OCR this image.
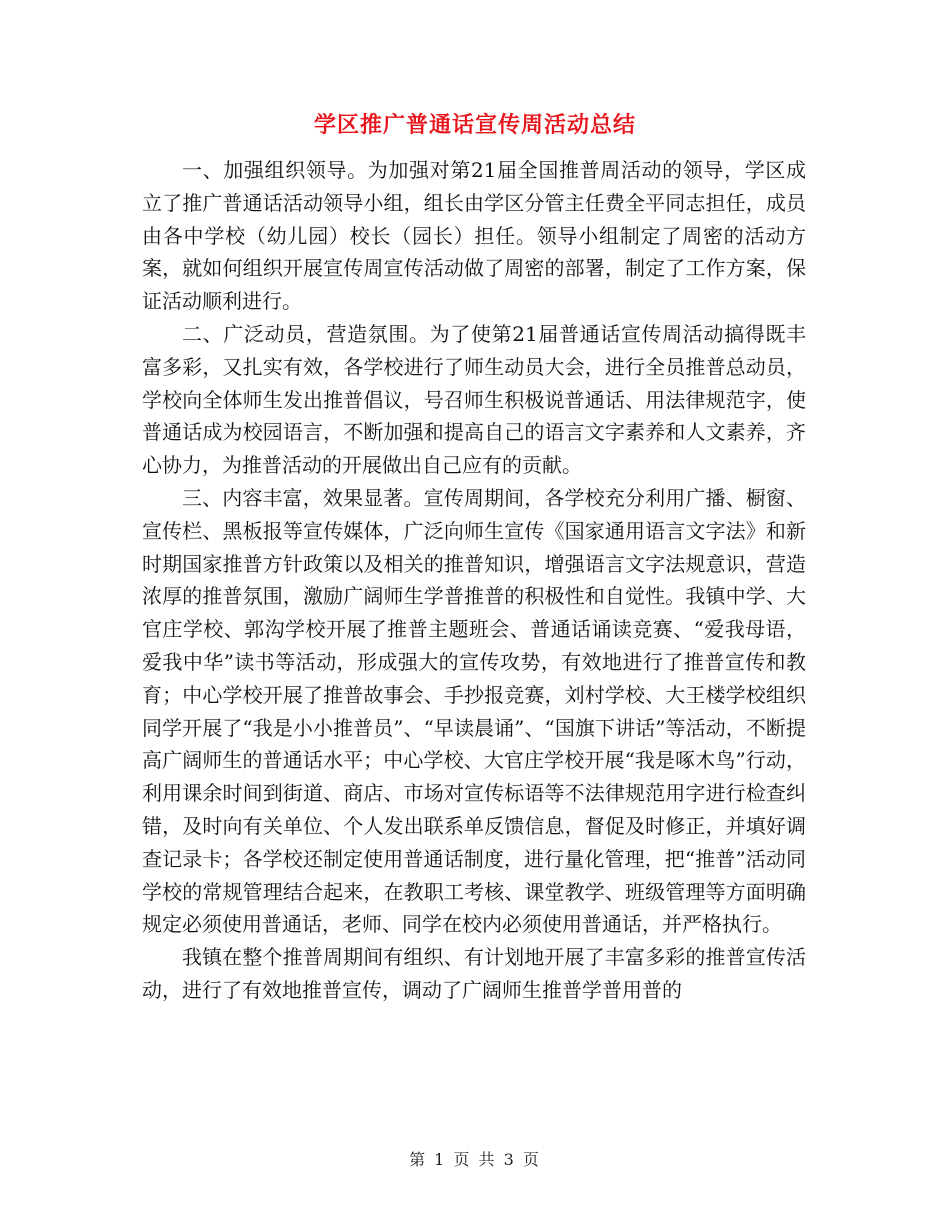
学区推广普通话宣传周活动总结

一、加强组织领导。为加强对第21届全国推普周活动的领导，学区成立了推广普通话活动领导小组，组长由学区分管主任费全平同志担任，成员由各中学校（幼儿园）校长（园长）担任。领导小组制定了周密的活动方案，就如何组织开展宣传周宣传活动做了周密的部署，制定了工作方案，保证活动顺利进行。

二、广泛动员，营造氛围。为了使第21届普通话宣传周活动搞得既丰富多彩，又扎实有效，各学校进行了师生动员大会，进行全员推普总动员，学校向全体师生发出推普倡议，号召师生积极说普通话、用法律规范字，使普通话成为校园语言，不断加强和提高自己的语言文字素养和人文素养，齐心协力，为推普活动的开展做出自己应有的贡献。

三、内容丰富，效果显著。宣传周期间，各学校充分利用广播、橱窗、宣传栏、黑板报等宣传媒体，广泛向师生宣传《国家通用语言文字法》和新时期国家推普方针政策以及相关的推普知识，增强语言文字法规意识，营造浓厚的推普氛围，激励广阔师生学普推普的积极性和自觉性。我镇中学、大官庄学校、郭沟学校开展了推普主题班会、普通话诵读竞赛、“爱我母语，爱我中华”读书等活动，形成强大的宣传攻势，有效地进行了推普宣传和教育；中心学校开展了推普故事会、手抄报竞赛，刘村学校、大王楼学校组织同学开展了“我是小小推普员”、“早读晨诵”、“国旗下讲话”等活动，不断提高广阔师生的普通话水平；中心学校、大官庄学校开展“我是啄木鸟”行动，利用课余时间到街道、商店、市场对宣传标语等不法律规范用字进行检查纠错，及时向有关单位、个人发出联系单反馈信息，督促及时修正，并填好调查记录卡；各学校还制定使用普通话制度，进行量化管理，把“推普”活动同学校的常规管理结合起来，在教职工考核、课堂教学、班级管理等方面明确规定必须使用普通话，老师、同学在校内必须使用普通话，并严格执行。

我镇在整个推普周期间有组织、有计划地开展了丰富多彩的推普宣传活动，进行了有效地推普宣传，调动了广阔师生推普学普用普的

第 1 页 共 3 页
